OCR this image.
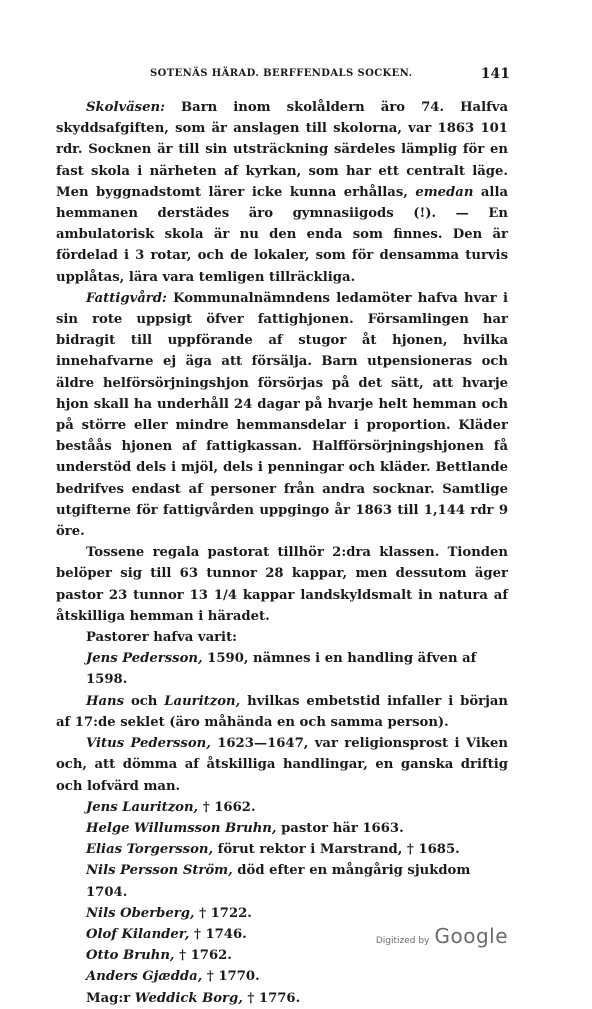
SOTENÄS HÄRAD. BERFFENDALS SOCKEN.	141

Skolväsen: Barn inom skolåldern äro 74. Halfva skyddsafgiften, som är anslagen till skolorna, var 1863 101 rdr. Socknen är till sin utsträckning särdeles lämplig för en fast skola i närheten af kyrkan, som har ett centralt läge. Men byggnadstomt lärer icke kunna erhållas, emedan alla hemmanen derstädes äro gymnasiigods (!). — En ambulatorisk skola är nu den enda som finnes. Den är fördelad i 3 rotar, och de lokaler, som för densamma turvis upplåtas, lära vara temligen tillräckliga.

Fattigvård: Kommunalnämndens ledamöter hafva hvar i sin rote uppsigt öfver fattighjonen. Församlingen har bidragit till uppförande af stugor åt hjonen, hvilka innehafvarne ej äga att försälja. Barn utpensioneras och äldre helförsörjningshjon försörjas på det sätt, att hvarje hjon skall ha underhåll 24 dagar på hvarje helt hemman och på större eller mindre hemmansdelar i proportion. Kläder beståås hjonen af fattigkassan. Halfförsörjningshjonen få understöd dels i mjöl, dels i penningar och kläder. Bettlande bedrifves endast af personer från andra socknar. Samtlige utgifterne för fattigvården uppgingo år 1863 till 1,144 rdr 9 öre.

Tossene regala pastorat tillhör 2:dra klassen. Tionden belöper sig till 63 tunnor 28 kappar, men dessutom äger pastor 23 tunnor 13 1/4 kappar landskyldsmalt in natura af åtskilliga hemman i häradet.

Pastorer hafva varit:

Jens Pedersson, 1590, nämnes i en handling äfven af 1598.

Hans och Lauritzon, hvilkas embetstid infaller i början af 17:de seklet (äro måhända en och samma person).

Vitus Pedersson, 1623—1647, var religionsprost i Viken och, att dömma af åtskilliga handlingar, en ganska driftig och lofvärd man.

Jens Lauritzon, † 1662.

Helge Willumsson Bruhn, pastor här 1663.

Elias Torgersson, förut rektor i Marstrand, † 1685.

Nils Persson Ström, död efter en mångårig sjukdom 1704.

Nils Oberberg, † 1722.

Olof Kilander, † 1746.

Otto Bruhn, † 1762.

Anders Gjædda, † 1770.

Mag:r Weddick Borg, † 1776.

Digitized by Google
